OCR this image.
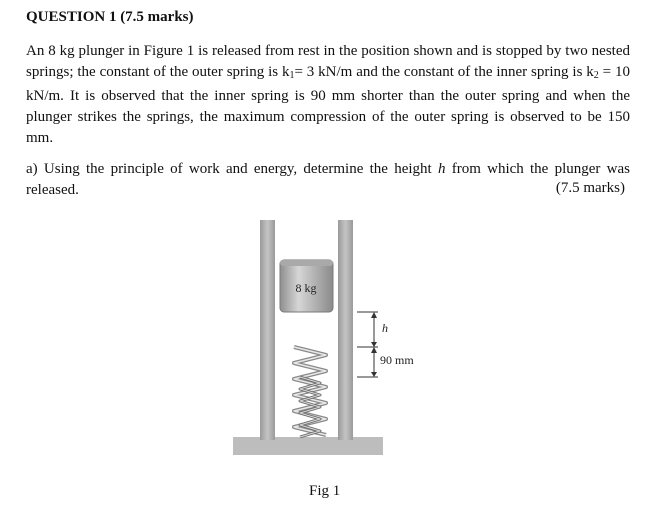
QUESTION 1 (7.5 marks)
An 8 kg plunger in Figure 1 is released from rest in the position shown and is stopped by two nested springs; the constant of the outer spring is $k_1= 3$ kN/m and the constant of the inner spring is $k_2 = 10$ kN/m. It is observed that the inner spring is 90 mm shorter than the outer spring and when the plunger strikes the springs, the maximum compression of the outer spring is observed to be 150 mm.
a) Using the principle of work and energy, determine the height h from which the plunger was released.	(7.5 marks)
8 kg
h
90 mm
Fig 1
